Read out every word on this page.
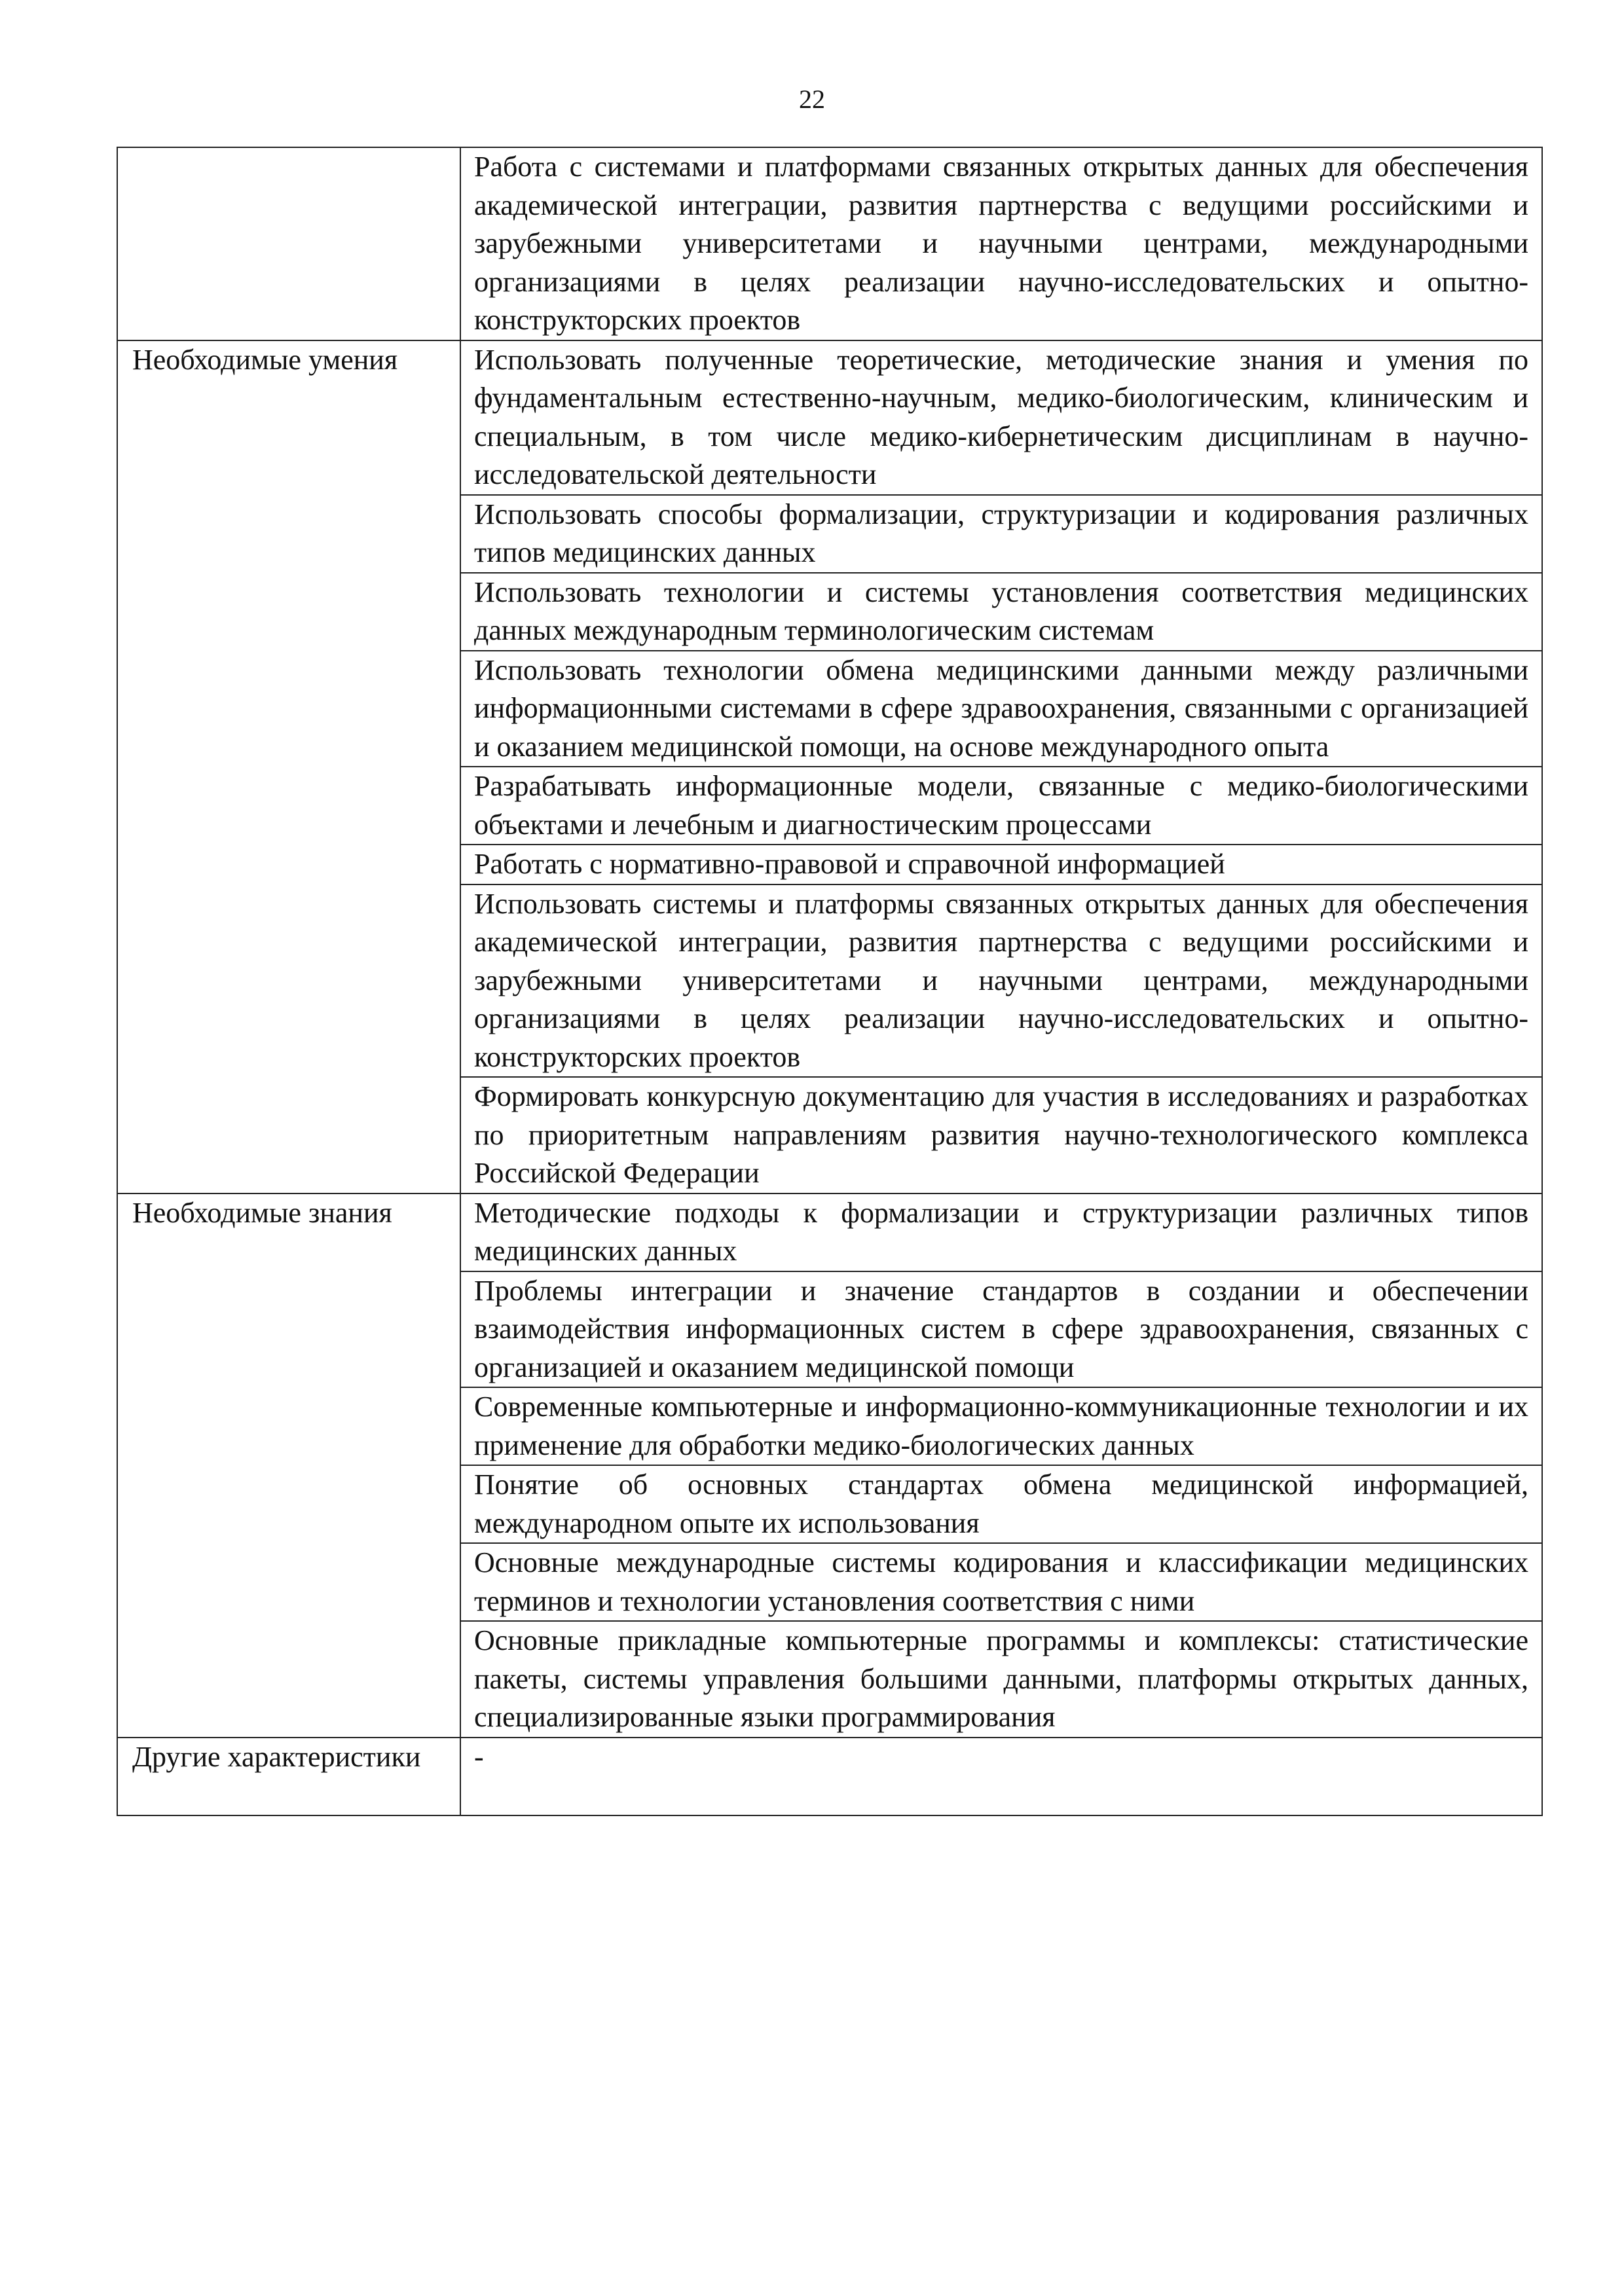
22
	Работа с системами и платформами связанных открытых данных для обеспечения академической интеграции, развития партнерства с ведущими российскими и зарубежными университетами и научными центрами, международными организациями в целях реализации научно-исследовательских и опытно-конструкторских проектов
Необходимые умения	Использовать полученные теоретические, методические знания и умения по фундаментальным естественно-научным, медико-биологическим, клиническим и специальным, в том числе медико-кибернетическим дисциплинам в научно-исследовательской деятельности
	Использовать способы формализации, структуризации и кодирования различных типов медицинских данных
	Использовать технологии и системы установления соответствия медицинских данных международным терминологическим системам
	Использовать технологии обмена медицинскими данными между различными информационными системами в сфере здравоохранения, связанными с организацией и оказанием медицинской помощи, на основе международного опыта
	Разрабатывать информационные модели, связанные с медико-биологическими объектами и лечебным и диагностическим процессами
	Работать с нормативно-правовой и справочной информацией
	Использовать системы и платформы связанных открытых данных для обеспечения академической интеграции, развития партнерства с ведущими российскими и зарубежными университетами и научными центрами, международными организациями в целях реализации научно-исследовательских и опытно-конструкторских проектов
	Формировать конкурсную документацию для участия в исследованиях и разработках по приоритетным направлениям развития научно-технологического комплекса Российской Федерации
Необходимые знания	Методические подходы к формализации и структуризации различных типов медицинских данных
	Проблемы интеграции и значение стандартов в создании и обеспечении взаимодействия информационных систем в сфере здравоохранения, связанных с организацией и оказанием медицинской помощи
	Современные компьютерные и информационно-коммуникационные технологии и их применение для обработки медико-биологических данных
	Понятие об основных стандартах обмена медицинской информацией, международном опыте их использования
	Основные международные системы кодирования и классификации медицинских терминов и технологии установления соответствия с ними
	Основные прикладные компьютерные программы и комплексы: статистические пакеты, системы управления большими данными, платформы открытых данных, специализированные языки программирования
Другие характеристики	-
